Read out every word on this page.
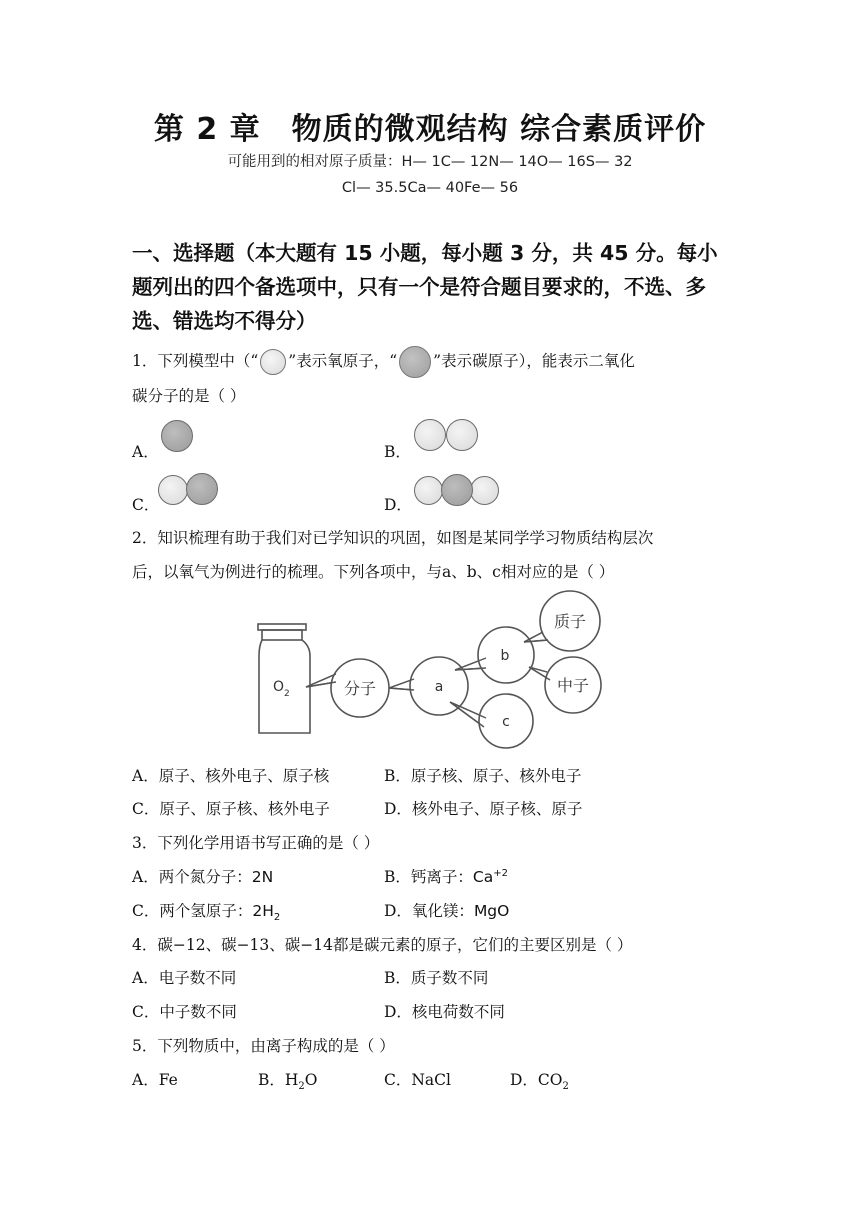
第 2 章　物质的微观结构 综合素质评价
可能用到的相对原子质量：H— 1C— 12N— 14O— 16S— 32
Cl— 35.5Ca— 40Fe— 56
一、选择题（本大题有 15 小题，每小题 3 分，共 45 分。每小题列出的四个备选项中，只有一个是符合题目要求的，不选、多选、错选均不得分）
1．下列模型中（“ ”表示氧原子，“ ”表示碳原子），能表示二氧化
碳分子的是（ ）
A．	B．
C．	D．
2．知识梳理有助于我们对已学知识的巩固，如图是某同学学习物质结构层次
后，以氧气为例进行的梳理。下列各项中，与a、b、c相对应的是（ ）
O 2	分子	a
b
c
质子
中子
A．原子、核外电子、原子核	B．原子核、原子、核外电子
C．原子、原子核、核外电子	D．核外电子、原子核、原子
3．下列化学用语书写正确的是（ ）
A．两个氮分子：2N	B．钙离子：$Ca^{+2}$
C．两个氢原子：$2H_2$	D．氧化镁：MgO
4．碳−12、碳−13、碳−14都是碳元素的原子，它们的主要区别是（ ）
A．电子数不同	B．质子数不同
C．中子数不同	D．核电荷数不同
5．下列物质中，由离子构成的是（ ）
A．Fe	B．$H_2O$	C．NaCl	D．$CO_2$
